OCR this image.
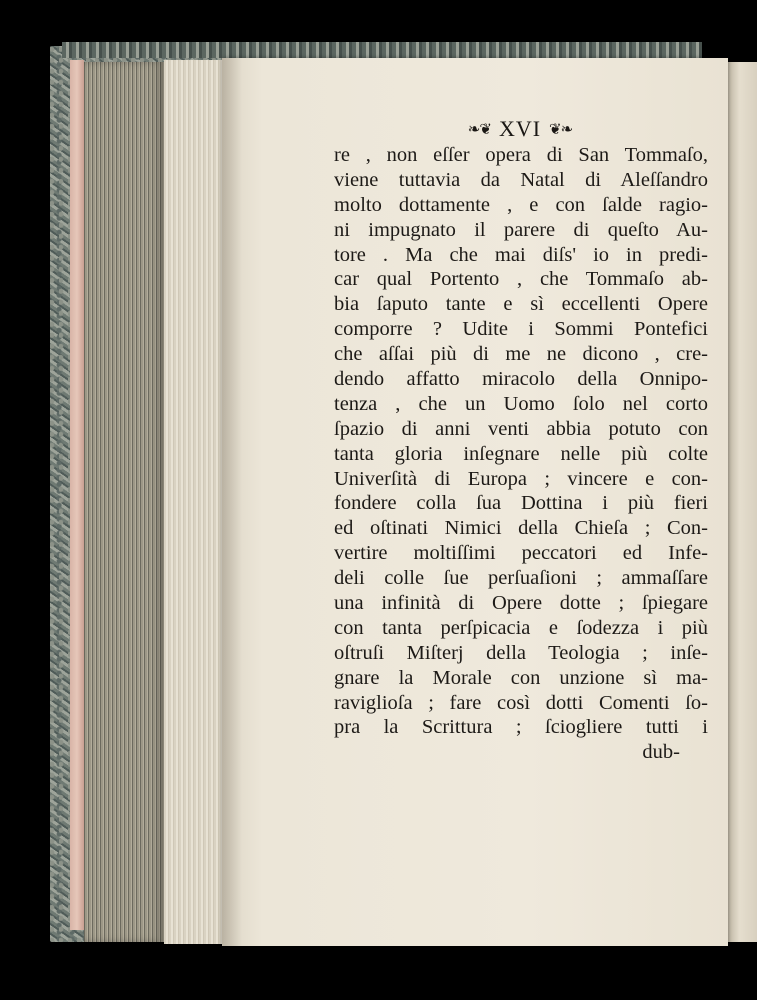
❧❦ XVI ❦❧
re , non eſſer opera di San Tommaſo,
viene tuttavia da Natal di Aleſſandro
molto dottamente , e con ſalde ragio-
ni impugnato il parere di queſto Au-
tore . Ma che mai diſs' io in predi-
car qual Portento , che Tommaſo ab-
bia ſaputo tante e sì eccellenti Opere
comporre ? Udite i Sommi Pontefici
che aſſai più di me ne dicono , cre-
dendo affatto miracolo della Onnipo-
tenza , che un Uomo ſolo nel corto
ſpazio di anni venti abbia potuto con
tanta gloria inſegnare nelle più colte
Univerſità di Europa ; vincere e con-
fondere colla ſua Dottina i più fieri
ed oſtinati Nimici della Chieſa ; Con-
vertire moltiſſimi peccatori ed Infe-
deli colle ſue perſuaſioni ; ammaſſare
una infinità di Opere dotte ; ſpiegare
con tanta perſpicacia e ſodezza i più
oſtruſi Miſterj della Teologia ; inſe-
gnare la Morale con unzione sì ma-
raviglioſa ; fare così dotti Comenti ſo-
pra la Scrittura ; ſciogliere tutti i
dub-
